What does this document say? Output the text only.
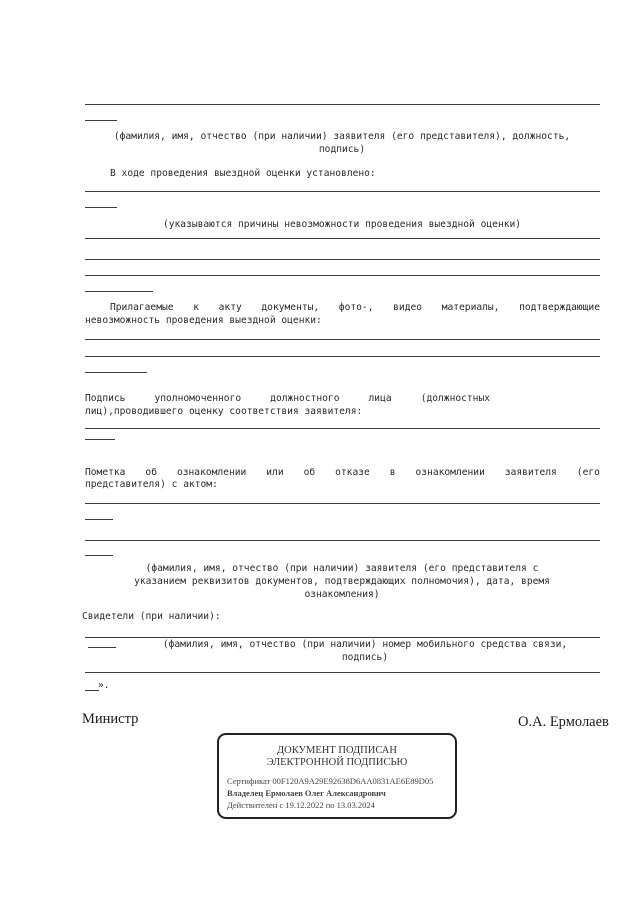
(фамилия, имя, отчество (при наличии) заявителя (его представителя), должность,
подпись)
В ходе проведения выездной оценки установлено:
(указываются причины невозможности проведения выездной оценки)
Прилагаемые к акту документы, фото-, видео материалы, подтверждающие
невозможность проведения выездной оценки:
Подпись	уполномоченного	должностного	лица	(должностных
лиц),проводившего оценку соответствия заявителя:
Пометка об ознакомлении или об отказе в ознакомлении заявителя (его
представителя) с актом:
(фамилия, имя, отчество (при наличии) заявителя (его представителя с
указанием реквизитов документов, подтверждающих полномочия), дата, время
ознакомления)
Свидетели (при наличии):
(фамилия, имя, отчество (при наличии) номер мобильного средства связи,
подпись)
».
Министр	О.А. Ермолаев
ДОКУМЕНТ ПОДПИСАН
ЭЛЕКТРОННОЙ ПОДПИСЬЮ
Сертификат 00F120A9A29E92638D6AA0831AE6E89D05
Владелец Ермолаев Олег Александрович
Действителен с 19.12.2022 по 13.03.2024
